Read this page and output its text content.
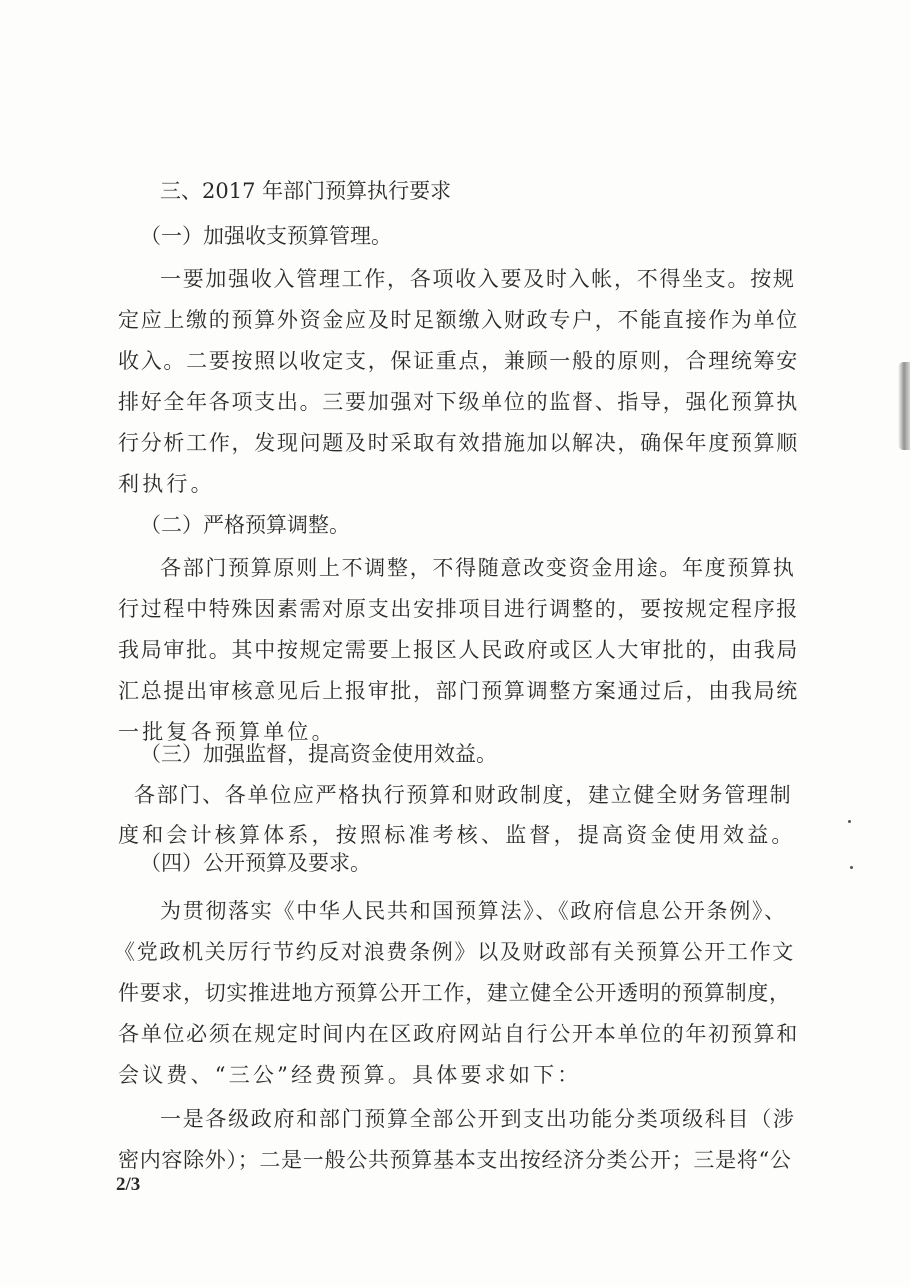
三、2017 年部门预算执行要求
（一）加强收支预算管理。
一要加强收入管理工作，各项收入要及时入帐，不得坐支。按规
定应上缴的预算外资金应及时足额缴入财政专户，不能直接作为单位
收入。二要按照以收定支，保证重点，兼顾一般的原则，合理统筹安
排好全年各项支出。三要加强对下级单位的监督、指导，强化预算执
行分析工作，发现问题及时采取有效措施加以解决，确保年度预算顺
利执行。
（二）严格预算调整。
各部门预算原则上不调整，不得随意改变资金用途。年度预算执
行过程中特殊因素需对原支出安排项目进行调整的，要按规定程序报
我局审批。其中按规定需要上报区人民政府或区人大审批的，由我局
汇总提出审核意见后上报审批，部门预算调整方案通过后，由我局统
一批复各预算单位。
（三）加强监督，提高资金使用效益。
各部门、各单位应严格执行预算和财政制度，建立健全财务管理制
度和会计核算体系，按照标准考核、监督，提高资金使用效益。
（四）公开预算及要求。
为贯彻落实《中华人民共和国预算法》、《政府信息公开条例》、
《党政机关厉行节约反对浪费条例》以及财政部有关预算公开工作文
件要求，切实推进地方预算公开工作，建立健全公开透明的预算制度，
各单位必须在规定时间内在区政府网站自行公开本单位的年初预算和
会议费、“三公”经费预算。具体要求如下：
一是各级政府和部门预算全部公开到支出功能分类项级科目（涉
密内容除外）；二是一般公共预算基本支出按经济分类公开；三是将“公
2/3
